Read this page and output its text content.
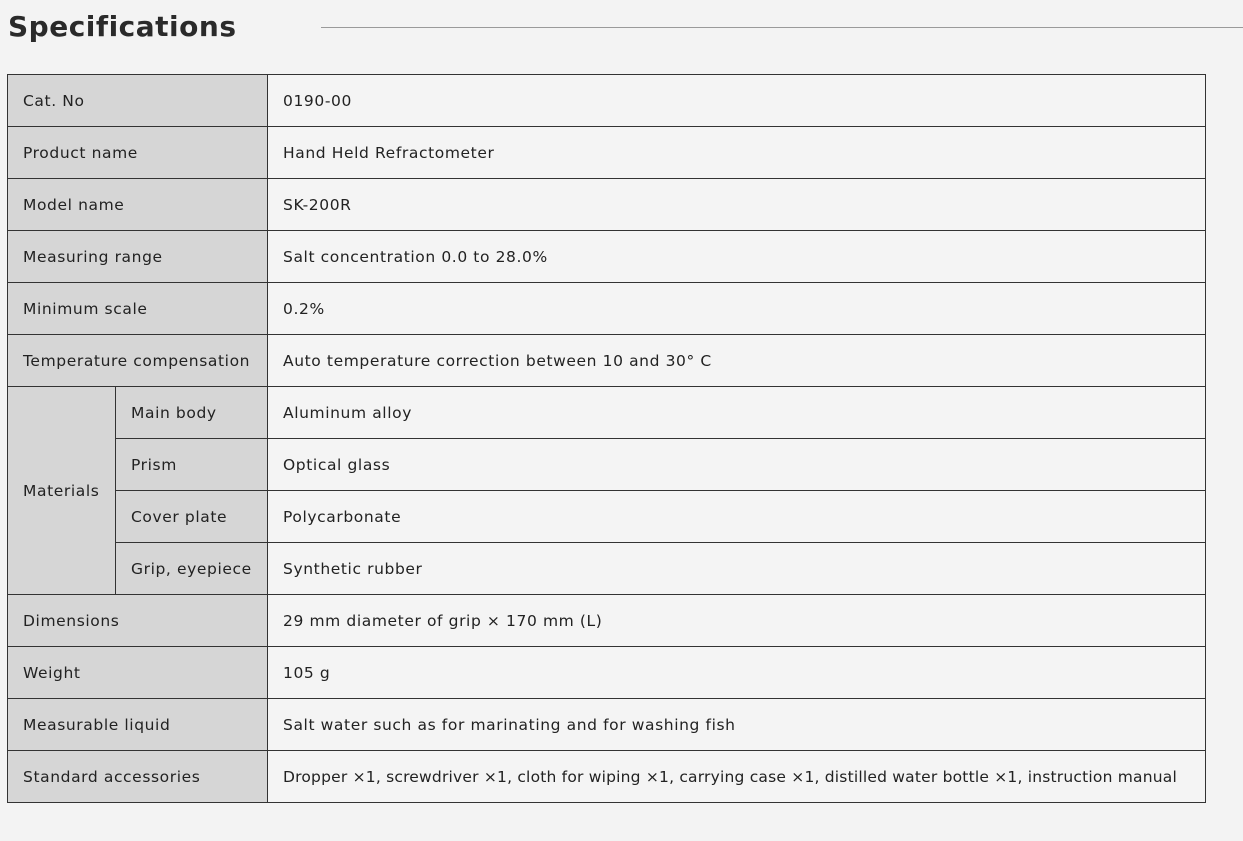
Specifications
Cat. No		0190-00
Product name		Hand Held Refractometer
Model name		SK-200R
Measuring range		Salt concentration 0.0 to 28.0%
Minimum scale		0.2%
Temperature compensation		Auto temperature correction between 10 and 30° C
Materials	Main body	Aluminum alloy
	Prism	Optical glass
	Cover plate	Polycarbonate
	Grip, eyepiece	Synthetic rubber
Dimensions		29 mm diameter of grip × 170 mm (L)
Weight		105 g
Measurable liquid		Salt water such as for marinating and for washing fish
Standard accessories		Dropper ×1, screwdriver ×1, cloth for wiping ×1, carrying case ×1, distilled water bottle ×1, instruction manual
